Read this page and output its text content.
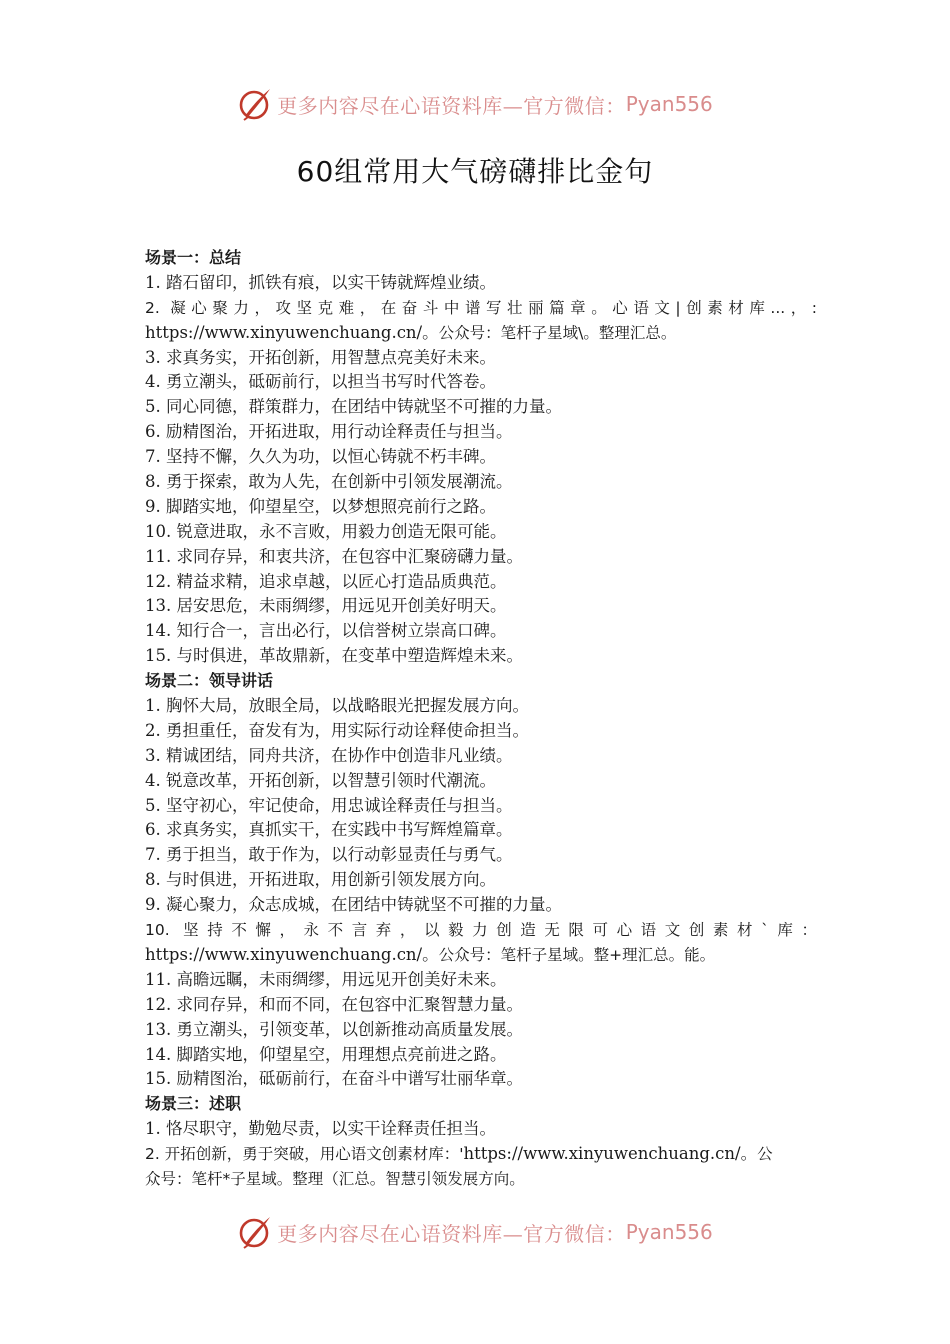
更多内容尽在心语资料库—官方微信： Pyan556
60组常用大气磅礴排比金句
场景一：总结
1. 踏石留印，抓铁有痕，以实干铸就辉煌业绩。
2. 凝心聚力，攻坚克难，在奋斗中谱写壮丽篇章。心语文|创素材库...，:
https://www.xinyuwenchuang.cn/。公众号：笔杆子星域\。整理汇总。
3. 求真务实，开拓创新，用智慧点亮美好未来。
4. 勇立潮头，砥砺前行，以担当书写时代答卷。
5. 同心同德，群策群力，在团结中铸就坚不可摧的力量。
6. 励精图治，开拓进取，用行动诠释责任与担当。
7. 坚持不懈，久久为功，以恒心铸就不朽丰碑。
8. 勇于探索，敢为人先，在创新中引领发展潮流。
9. 脚踏实地，仰望星空，以梦想照亮前行之路。
10. 锐意进取，永不言败，用毅力创造无限可能。
11. 求同存异，和衷共济，在包容中汇聚磅礴力量。
12. 精益求精，追求卓越，以匠心打造品质典范。
13. 居安思危，未雨绸缪，用远见开创美好明天。
14. 知行合一，言出必行，以信誉树立崇高口碑。
15. 与时俱进，革故鼎新，在变革中塑造辉煌未来。
场景二：领导讲话
1. 胸怀大局，放眼全局，以战略眼光把握发展方向。
2. 勇担重任，奋发有为，用实际行动诠释使命担当。
3. 精诚团结，同舟共济，在协作中创造非凡业绩。
4. 锐意改革，开拓创新，以智慧引领时代潮流。
5. 坚守初心，牢记使命，用忠诚诠释责任与担当。
6. 求真务实，真抓实干，在实践中书写辉煌篇章。
7. 勇于担当，敢于作为，以行动彰显责任与勇气。
8. 与时俱进，开拓进取，用创新引领发展方向。
9. 凝心聚力，众志成城，在团结中铸就坚不可摧的力量。
10. 坚持不懈，永不言弃，以毅力创造无限可心语文创素材`库：
https://www.xinyuwenchuang.cn/。公众号：笔杆子星域。整+理汇总。能。
11. 高瞻远瞩，未雨绸缪，用远见开创美好未来。
12. 求同存异，和而不同，在包容中汇聚智慧力量。
13. 勇立潮头，引领变革，以创新推动高质量发展。
14. 脚踏实地，仰望星空，用理想点亮前进之路。
15. 励精图治，砥砺前行，在奋斗中谱写壮丽华章。
场景三：述职
1. 恪尽职守，勤勉尽责，以实干诠释责任担当。
2. 开拓创新，勇于突破，用心语文创素材库：'https://www.xinyuwenchuang.cn/。公
众号：笔杆*子星域。整理（汇总。智慧引领发展方向。
更多内容尽在心语资料库—官方微信： Pyan556
